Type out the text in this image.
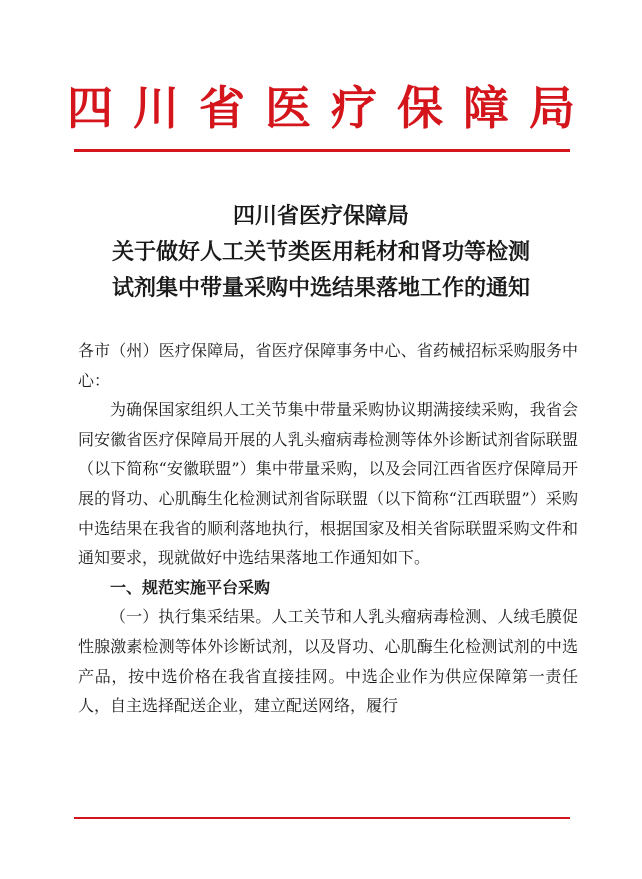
四川省医疗保障局
四川省医疗保障局
关于做好人工关节类医用耗材和肾功等检测
试剂集中带量采购中选结果落地工作的通知

各市（州）医疗保障局，省医疗保障事务中心、省药械招标采购服务中心：

为确保国家组织人工关节集中带量采购协议期满接续采购，我省会同安徽省医疗保障局开展的人乳头瘤病毒检测等体外诊断试剂省际联盟（以下简称“安徽联盟”）集中带量采购，以及会同江西省医疗保障局开展的肾功、心肌酶生化检测试剂省际联盟（以下简称“江西联盟”）采购中选结果在我省的顺利落地执行，根据国家及相关省际联盟采购文件和通知要求，现就做好中选结果落地工作通知如下。

一、规范实施平台采购

（一）执行集采结果。人工关节和人乳头瘤病毒检测、人绒毛膜促性腺激素检测等体外诊断试剂，以及肾功、心肌酶生化检测试剂的中选产品，按中选价格在我省直接挂网。中选企业作为供应保障第一责任人，自主选择配送企业，建立配送网络，履行
